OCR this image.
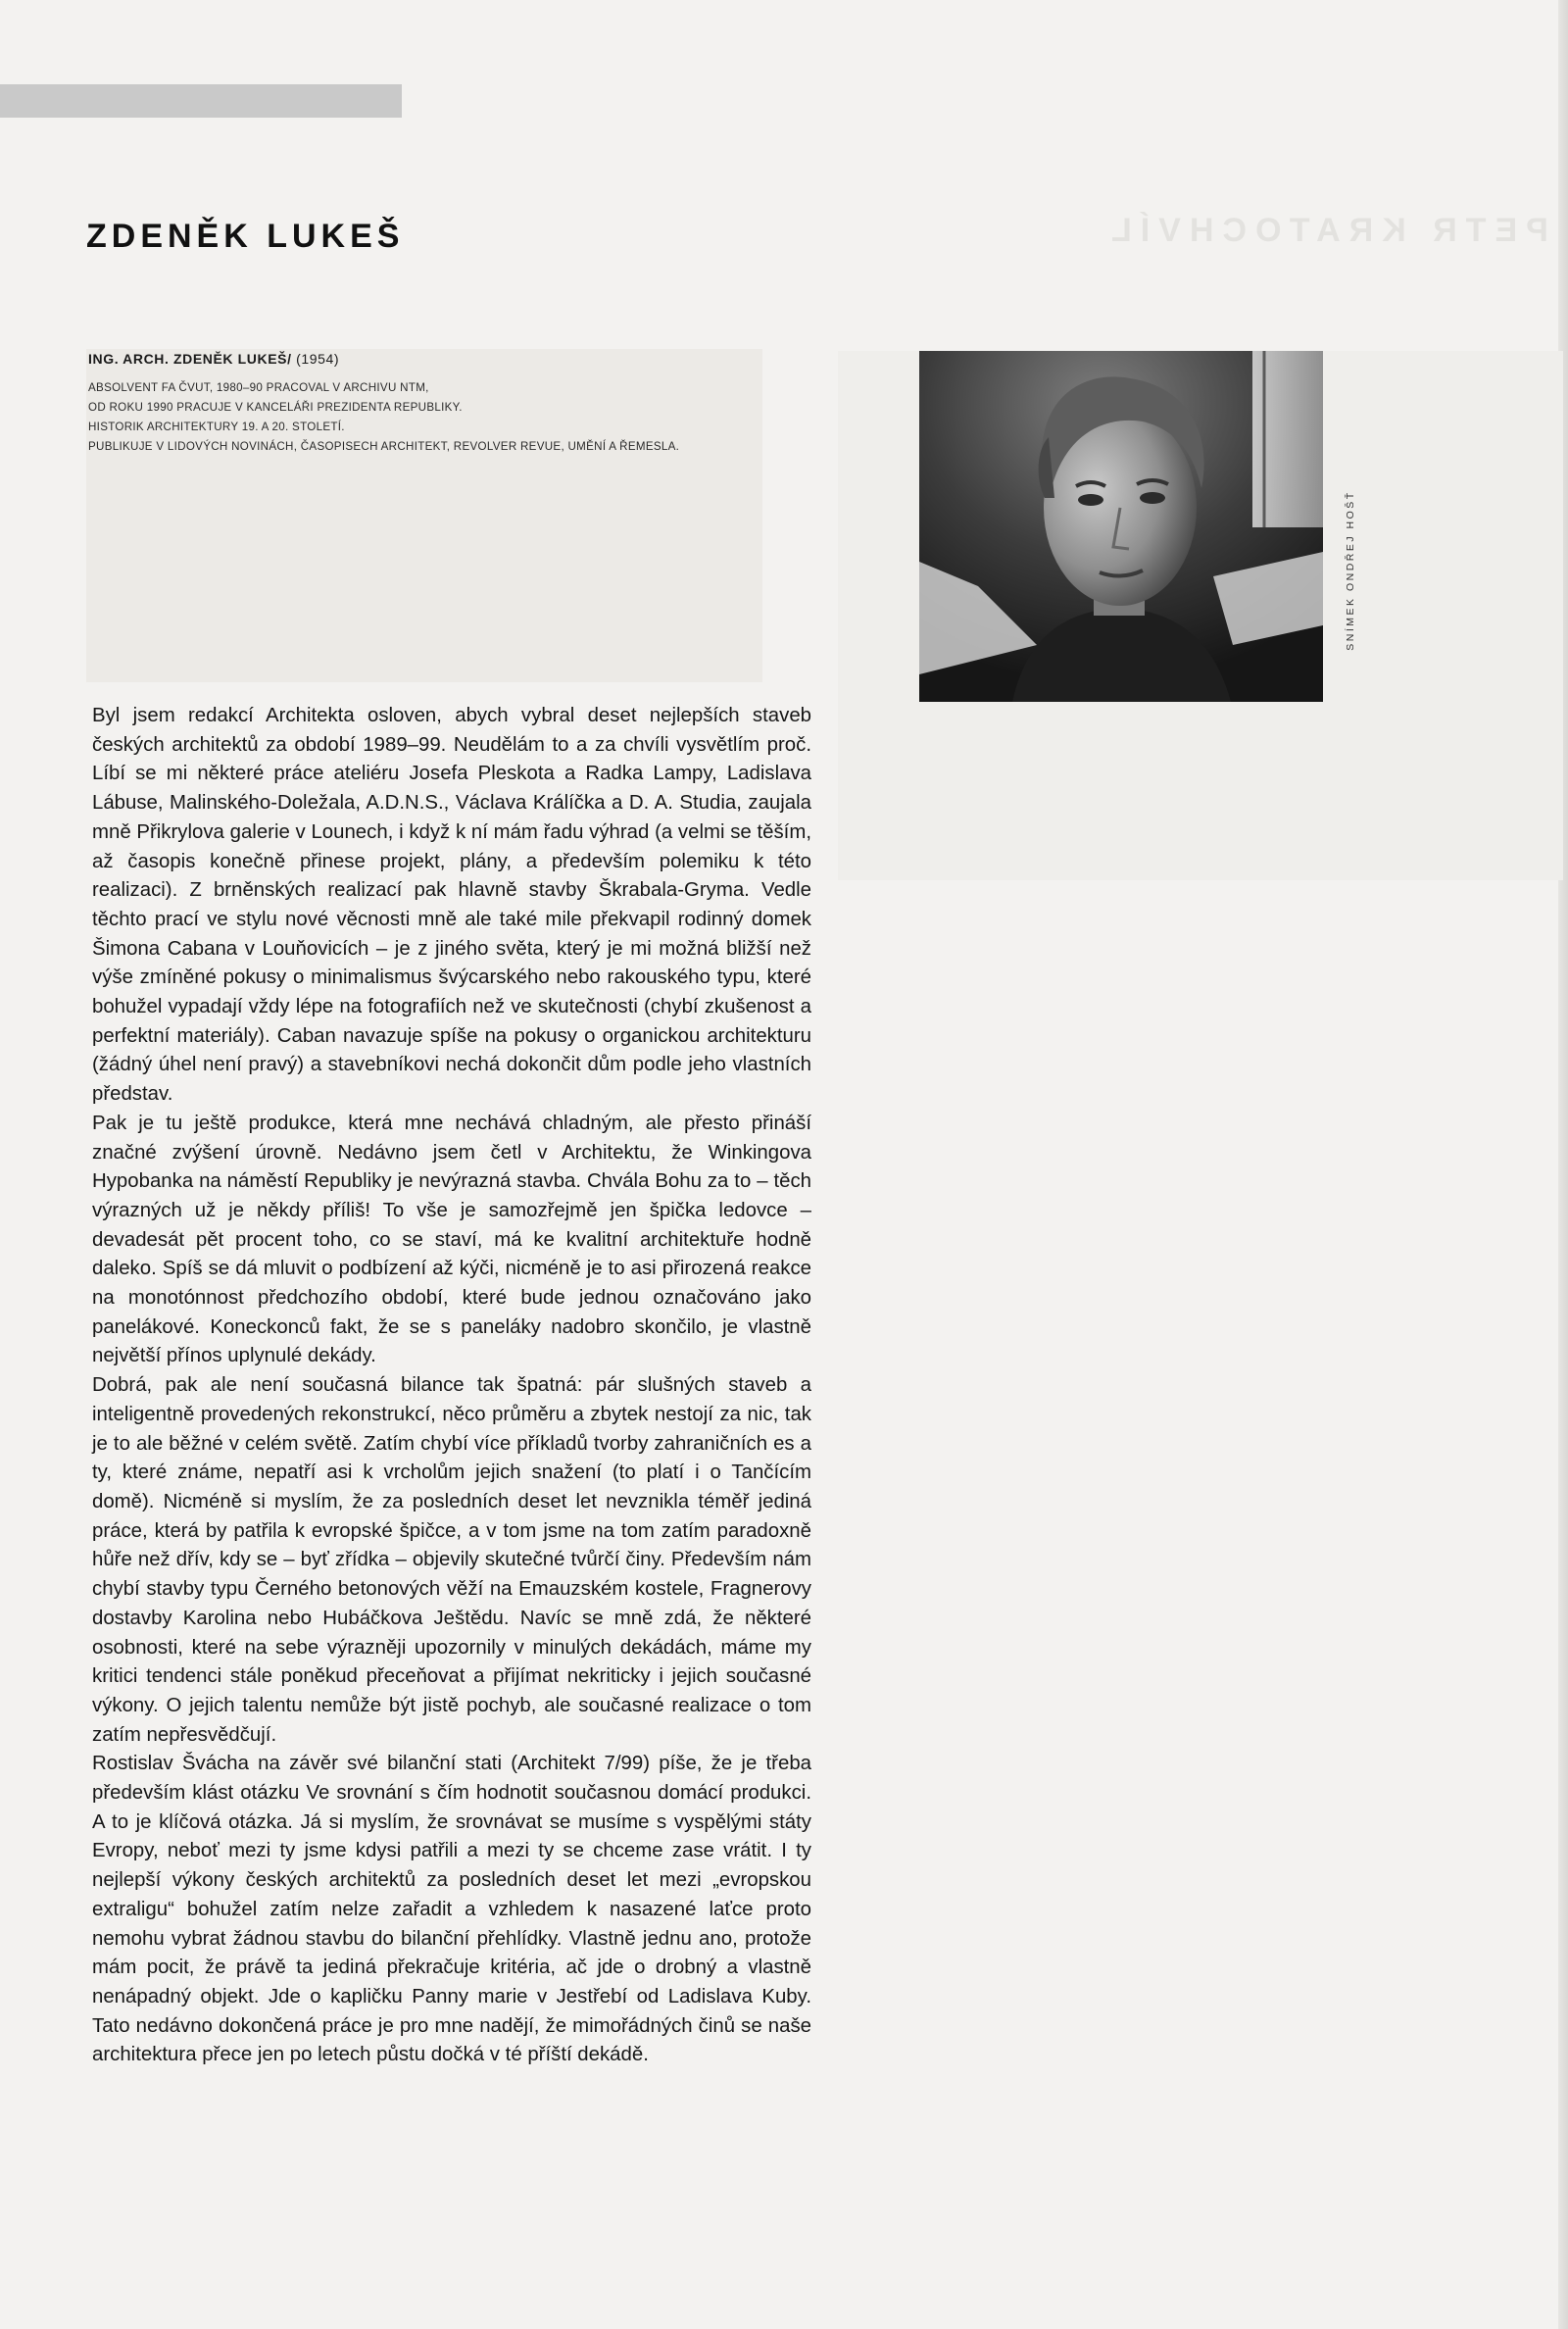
PETR KRATOCHVÍL
ZDENĚK LUKEŠ

ING. ARCH. ZDENĚK LUKEŠ/ (1954)

ABSOLVENT FA ČVUT, 1980–90 PRACOVAL V ARCHIVU NTM,
OD ROKU 1990 PRACUJE V KANCELÁŘI PREZIDENTA REPUBLIKY.
HISTORIK ARCHITEKTURY 19. A 20. STOLETÍ.
PUBLIKUJE V LIDOVÝCH NOVINÁCH, ČASOPISECH ARCHITEKT, REVOLVER REVUE, UMĚNÍ A ŘEMESLA.
SNÍMEK ONDŘEJ HOŠŤ

Byl jsem redakcí Architekta osloven, abych vybral deset nejlepších staveb českých architektů za období 1989–99. Neudělám to a za chvíli vysvětlím proč. Líbí se mi některé práce ateliéru Josefa Pleskota a Radka Lampy, Ladislava Lábuse, Malinského-Doležala, A.D.N.S., Václava Králíčka a D. A. Studia, zaujala mně Přikrylova galerie v Lounech, i když k ní mám řadu výhrad (a velmi se těším, až časopis konečně přinese projekt, plány, a především polemiku k této realizaci). Z brněnských realizací pak hlavně stavby Škrabala-Gryma. Vedle těchto prací ve stylu nové věcnosti mně ale také mile překvapil rodinný domek Šimona Cabana v Louňovicích – je z jiného světa, který je mi možná bližší než výše zmíněné pokusy o minimalismus švýcarského nebo rakouského typu, které bohužel vypadají vždy lépe na fotografiích než ve skutečnosti (chybí zkušenost a perfektní materiály). Caban navazuje spíše na pokusy o organickou architekturu (žádný úhel není pravý) a stavebníkovi nechá dokončit dům podle jeho vlastních představ.

Pak je tu ještě produkce, která mne nechává chladným, ale přesto přináší značné zvýšení úrovně. Nedávno jsem četl v Architektu, že Winkingova Hypobanka na náměstí Republiky je nevýrazná stavba. Chvála Bohu za to – těch výrazných už je někdy příliš! To vše je samozřejmě jen špička ledovce – devadesát pět procent toho, co se staví, má ke kvalitní architektuře hodně daleko. Spíš se dá mluvit o podbízení až kýči, nicméně je to asi přirozená reakce na monotónnost předchozího období, které bude jednou označováno jako panelákové. Koneckonců fakt, že se s paneláky nadobro skončilo, je vlastně největší přínos uplynulé dekády.

Dobrá, pak ale není současná bilance tak špatná: pár slušných staveb a inteligentně provedených rekonstrukcí, něco průměru a zbytek nestojí za nic, tak je to ale běžné v celém světě. Zatím chybí více příkladů tvorby zahraničních es a ty, které známe, nepatří asi k vrcholům jejich snažení (to platí i o Tančícím domě). Nicméně si myslím, že za posledních deset let nevznikla téměř jediná práce, která by patřila k evropské špičce, a v tom jsme na tom zatím paradoxně hůře než dřív, kdy se – byť zřídka – objevily skutečné tvůrčí činy. Především nám chybí stavby typu Černého betonových věží na Emauzském kostele, Fragnerovy dostavby Karolina nebo Hubáčkova Ještědu. Navíc se mně zdá, že některé osobnosti, které na sebe výrazněji upozornily v minulých dekádách, máme my kritici tendenci stále poněkud přeceňovat a přijímat nekriticky i jejich současné výkony. O jejich talentu nemůže být jistě pochyb, ale současné realizace o tom zatím nepřesvědčují.

Rostislav Švácha na závěr své bilanční stati (Architekt 7/99) píše, že je třeba především klást otázku Ve srovnání s čím hodnotit současnou domácí produkci. A to je klíčová otázka. Já si myslím, že srovnávat se musíme s vyspělými státy Evropy, neboť mezi ty jsme kdysi patřili a mezi ty se chceme zase vrátit. I ty nejlepší výkony českých architektů za posledních deset let mezi „evropskou extraligu“ bohužel zatím nelze zařadit a vzhledem k nasazené laťce proto nemohu vybrat žádnou stavbu do bilanční přehlídky. Vlastně jednu ano, protože mám pocit, že právě ta jediná překračuje kritéria, ač jde o drobný a vlastně nenápadný objekt. Jde o kapličku Panny marie v Jestřebí od Ladislava Kuby. Tato nedávno dokončená práce je pro mne nadějí, že mimořádných činů se naše architektura přece jen po letech půstu dočká v té příští dekádě.
